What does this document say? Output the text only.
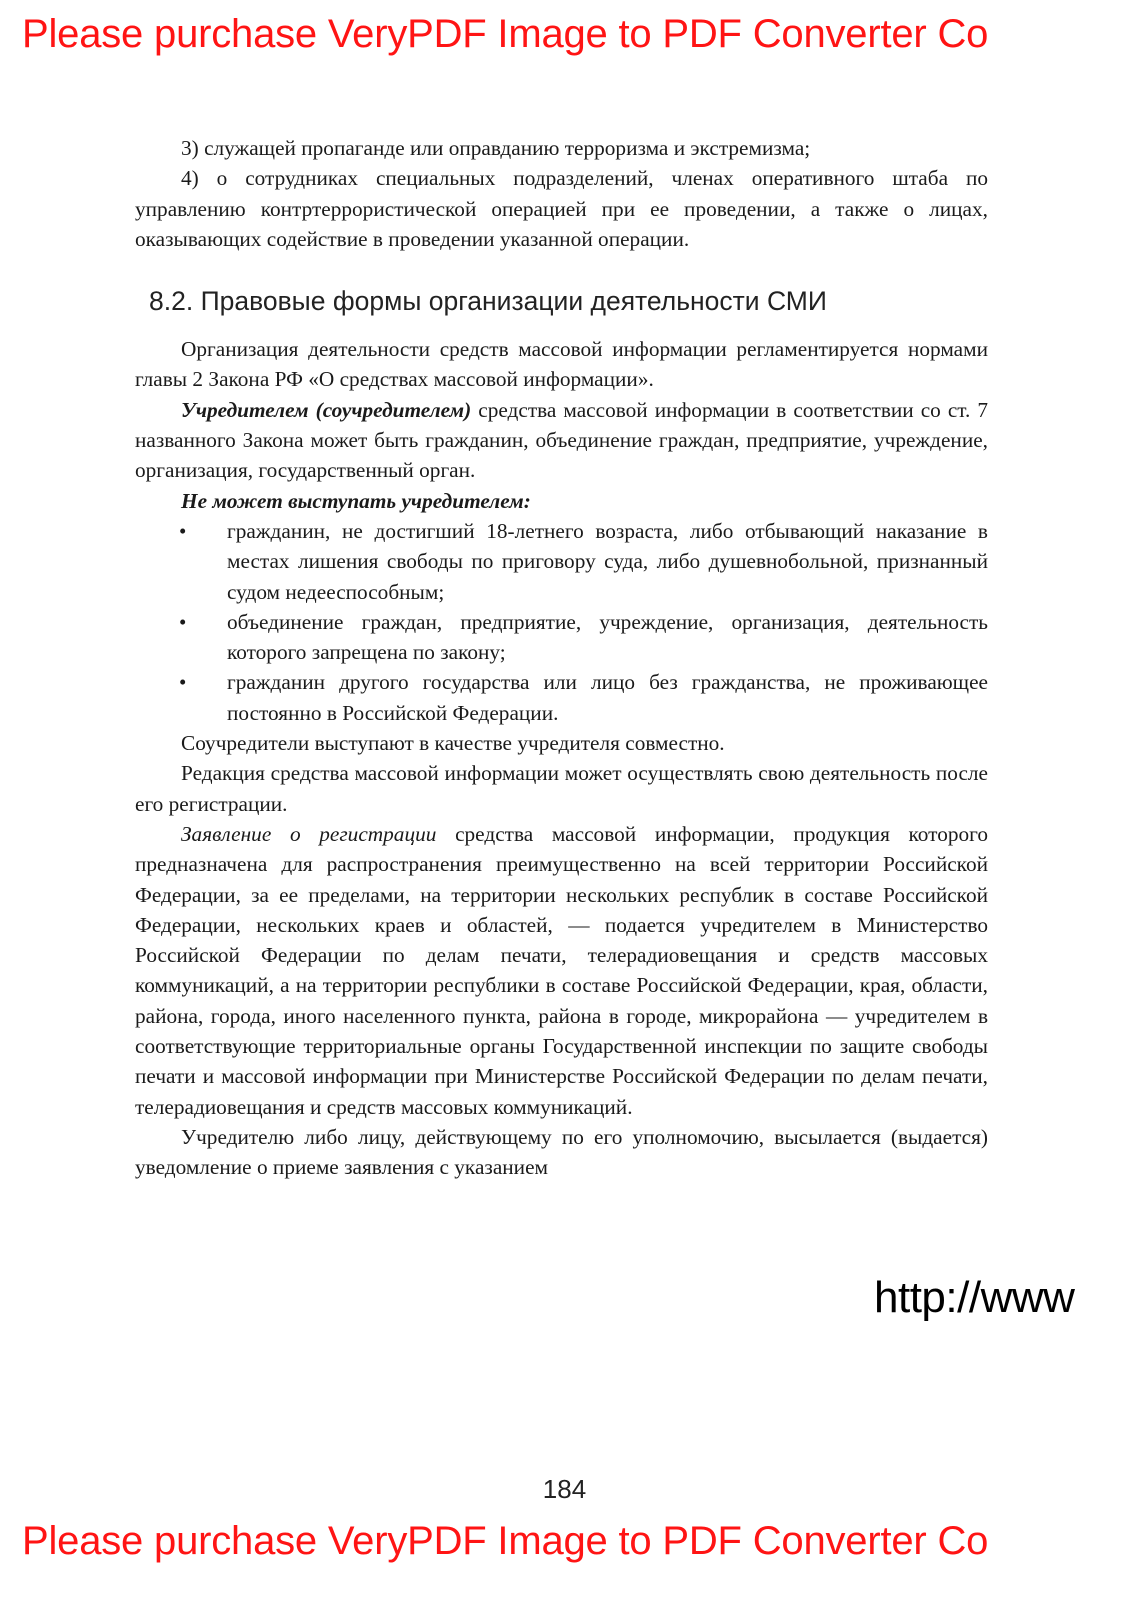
Please purchase VeryPDF Image to PDF Converter Co

3) служащей пропаганде или оправданию терроризма и экстремизма;

4) о сотрудниках специальных подразделений, членах оперативного штаба по управлению контртеррористической операцией при ее проведении, а также о лицах, оказывающих содействие в проведении указанной операции.

8.2. Правовые формы организации деятельности СМИ

Организация деятельности средств массовой информации регламентируется нормами главы 2 Закона РФ «О средствах массовой информации».

Учредителем (соучредителем) средства массовой информации в соответствии со ст. 7 названного Закона может быть гражданин, объединение граждан, предприятие, учреждение, организация, государственный орган.

Не может выступать учредителем:

• гражданин, не достигший 18-летнего возраста, либо отбывающий наказание в местах лишения свободы по приговору суда, либо душевнобольной, признанный судом недееспособным;
• объединение граждан, предприятие, учреждение, организация, деятельность которого запрещена по закону;
• гражданин другого государства или лицо без гражданства, не проживающее постоянно в Российской Федерации.

Соучредители выступают в качестве учредителя совместно.

Редакция средства массовой информации может осуществлять свою деятельность после его регистрации.

Заявление о регистрации средства массовой информации, продукция которого предназначена для распространения преимущественно на всей территории Российской Федерации, за ее пределами, на территории нескольких республик в составе Российской Федерации, нескольких краев и областей, — подается учредителем в Министерство Российской Федерации по делам печати, телерадиовещания и средств массовых коммуникаций, а на территории республики в составе Российской Федерации, края, области, района, города, иного населенного пункта, района в городе, микрорайона — учредителем в соответствующие территориальные органы Государственной инспекции по защите свободы печати и массовой информации при Министерстве Российской Федерации по делам печати, телерадиовещания и средств массовых коммуникаций.

Учредителю либо лицу, действующему по его уполномочию, высылается (выдается) уведомление о приеме заявления с указанием

http://www
184
Please purchase VeryPDF Image to PDF Converter Co
